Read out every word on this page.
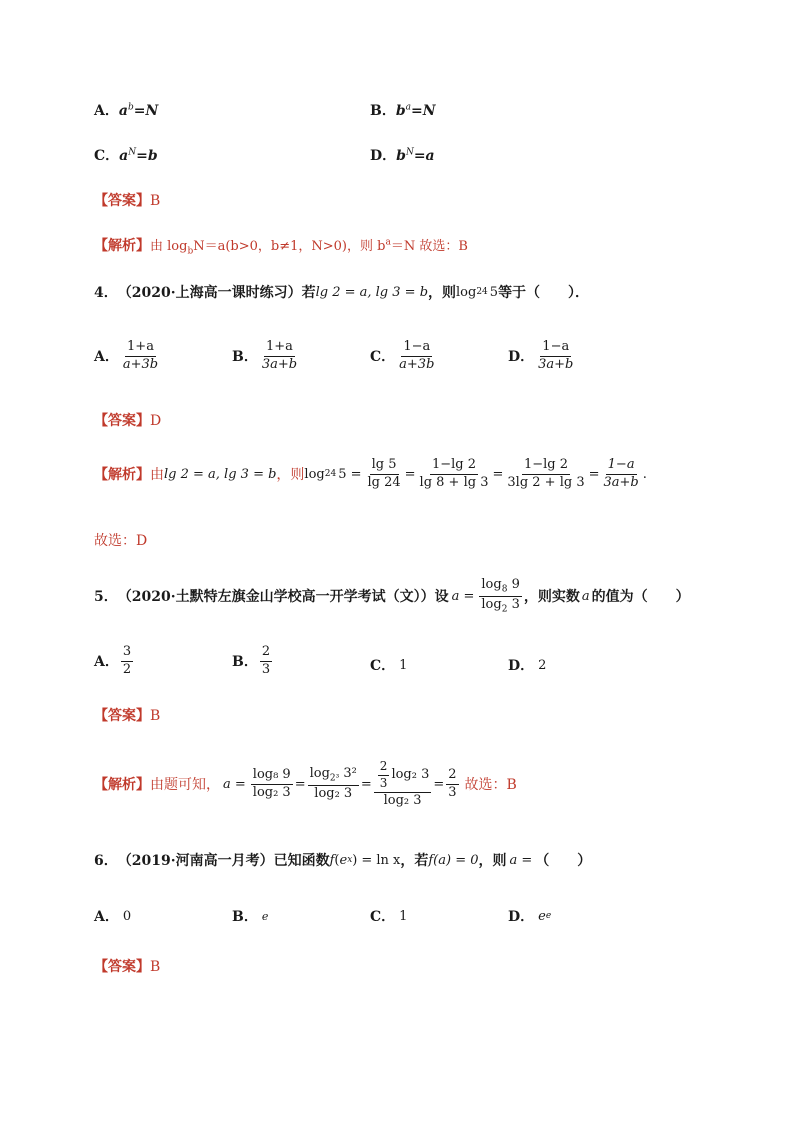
A．$a^b=N$	B．$b^a=N$
C．$a^N=b$	D．$b^N=a$
【答案】B
【解析】由 $\log_bN=a(b>0$，b≠1，N>0)，则 $b^a=N$ 故选：B
4． （2020·上海高一课时练习） 若 lg 2 = a, lg 3 = b ，则 log 24 5 等于（　　）．
A． $\frac{1+a}{a+3b}$	B． $\frac{1+a}{3a+b}$	C． $\frac{1-a}{a+3b}$	D． $\frac{1-a}{3a+b}$
【答案】D
【解析】 由 lg 2 = a, lg 3 = b ，则 log 24 $5 = \frac{\lg 5}{\lg 24} = \frac{1-\lg 2}{\lg 8 + \lg 3} = \frac{1-\lg 2}{3\lg 2 + \lg 3} = \frac{1-a}{3a+b}$ .
故选：D
5． （2020·土默特左旗金山学校高一开学考试（文）） 设 $a = \frac{\log_8 9}{\log_2 3}$ ，则实数 a 的值为（　　）
A． $\frac{3}{2}$	B． $\frac{2}{3}$	C． 1	D． 2
【答案】B
【解析】 由题可知， $a = \frac{\text{log₈ 9}}{\text{log₂ 3}} = \frac{\log_{2^3} 3^2}{\text{log₂ 3}} = \frac{\frac{2}{3} \log_2 3}{\text{log₂ 3}} = \frac{2}{3}$ 故选：B
6． （2019·河南高一月考） 已知函数 f ( e x ) = ln x ，若 f(a) = 0 ，则 a = （　　）
A． 0	B． e	C． 1	D． e e
【答案】B
